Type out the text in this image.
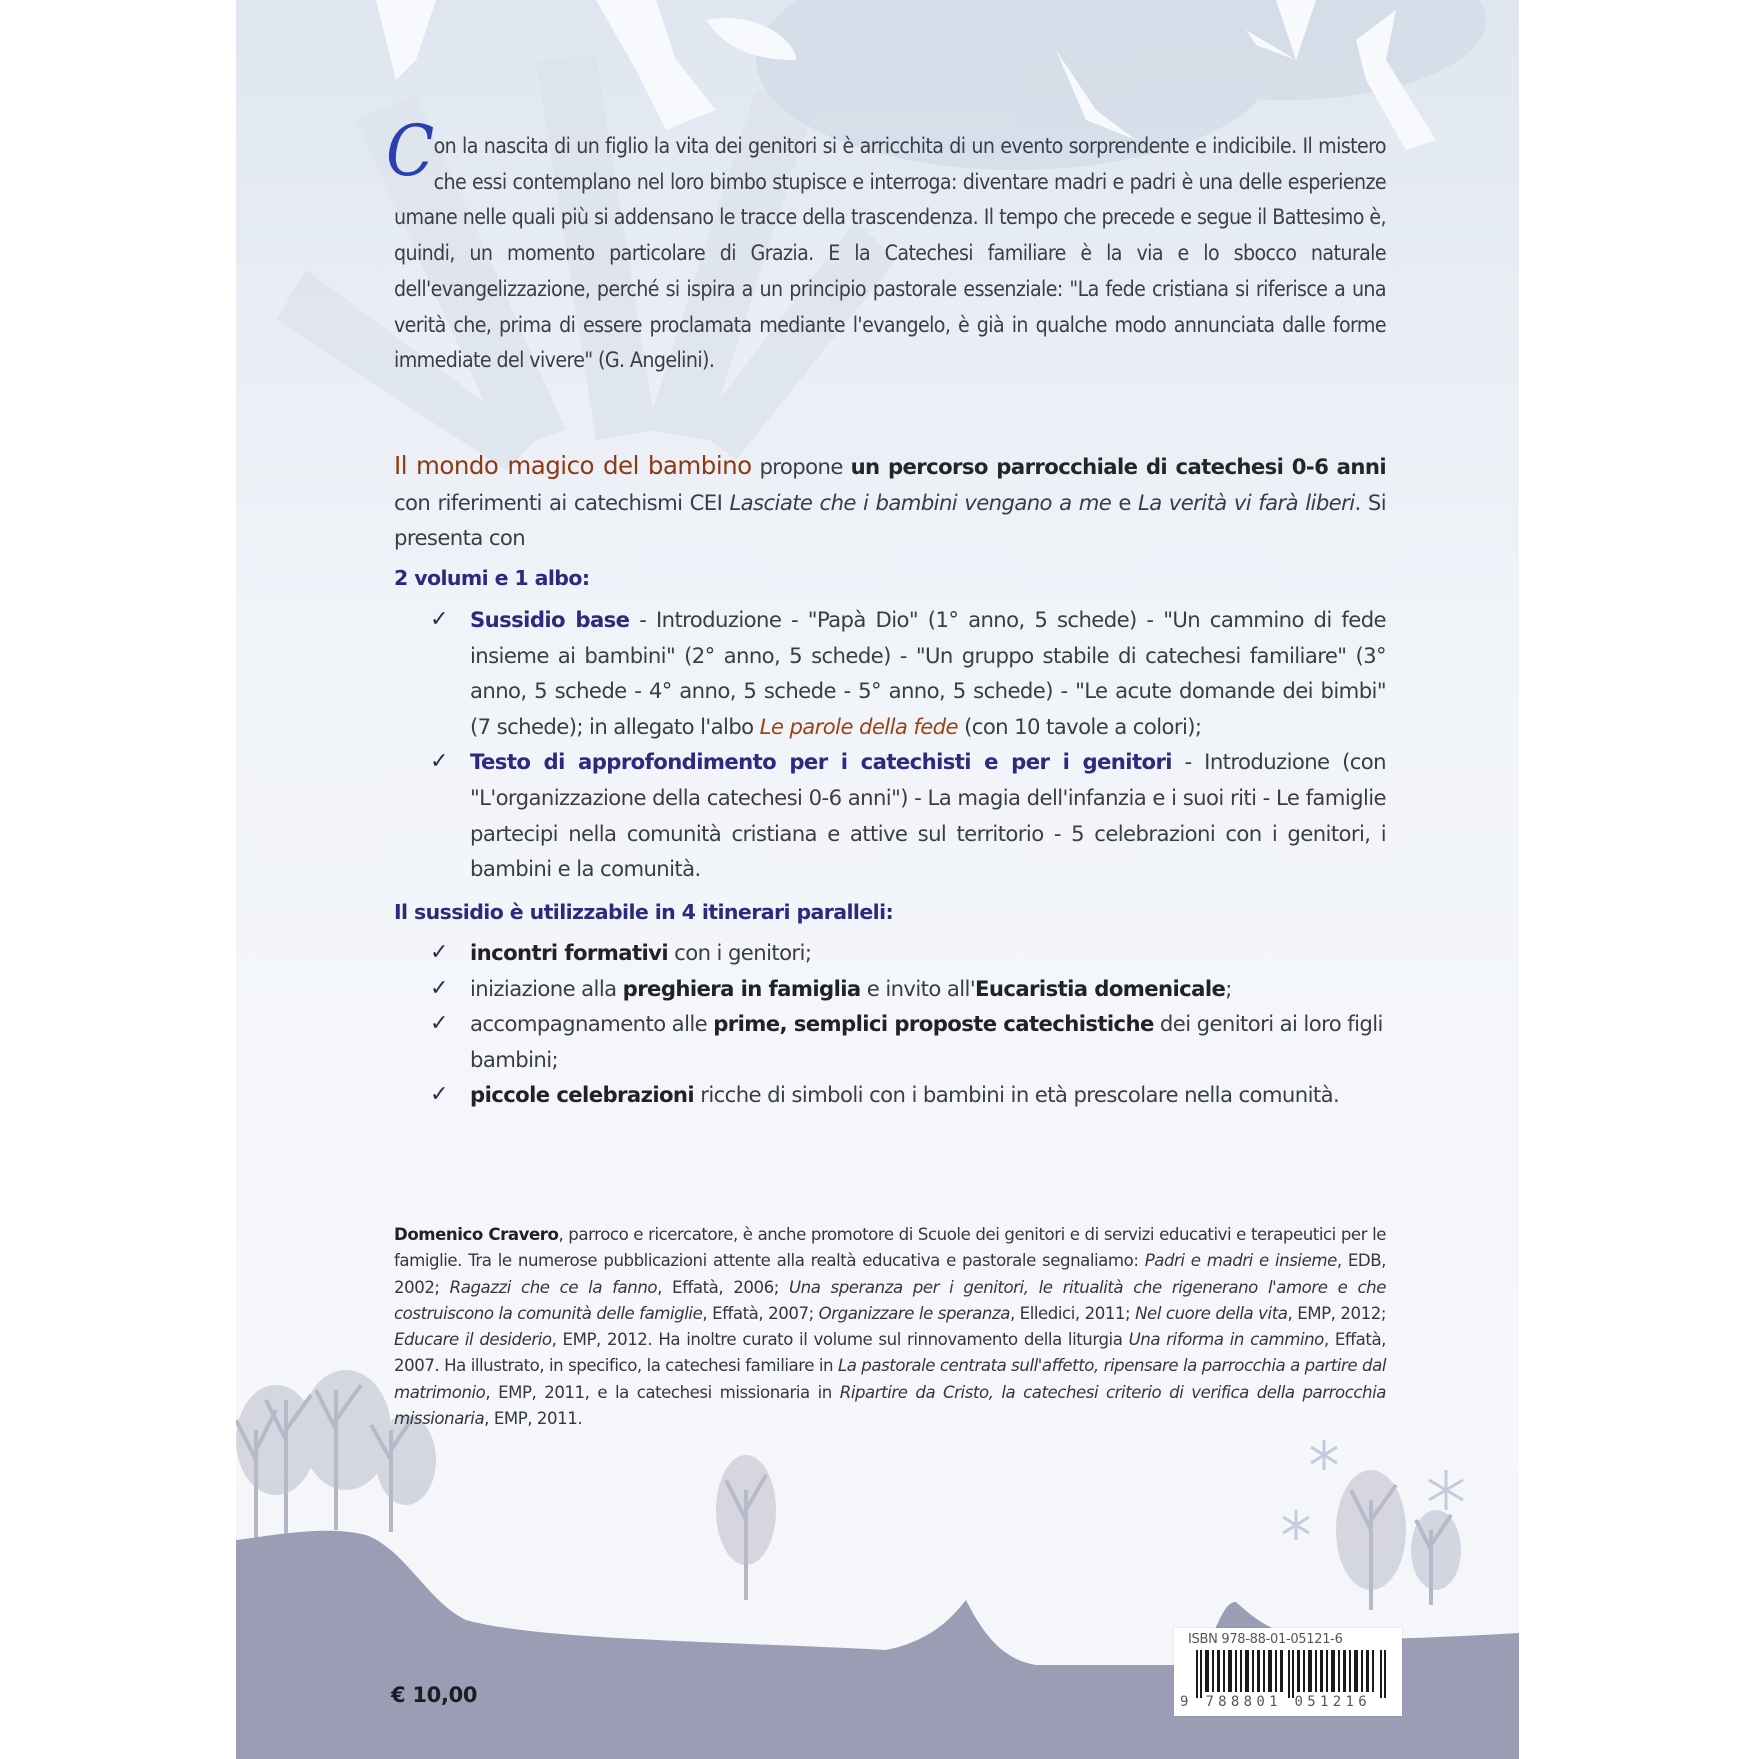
C on la nascita di un figlio la vita dei genitori si è arricchita di un evento sorprendente e indicibile. Il mistero che essi contemplano nel loro bimbo stupisce e interroga: diventare madri e padri è una delle esperienze umane nelle quali più si addensano le tracce della trascendenza. Il tempo che precede e segue il Battesimo è, quindi, un momento particolare di Grazia. E la Catechesi familiare è la via e lo sbocco naturale dell'evangelizzazione, perché si ispira a un principio pastorale essenziale: "La fede cristiana si riferisce a una verità che, prima di essere proclamata mediante l'evangelo, è già in qualche modo annunciata dalle forme immediate del vivere" (G. Angelini).
Il mondo magico del bambino propone un percorso parrocchiale di catechesi 0-6 anni con riferimenti ai catechismi CEI Lasciate che i bambini vengano a me e La verità vi farà liberi. Si presenta con
2 volumi e 1 albo:
✓ Sussidio base - Introduzione - "Papà Dio" (1° anno, 5 schede) - "Un cammino di fede insieme ai bambini" (2° anno, 5 schede) - "Un gruppo stabile di catechesi familiare" (3° anno, 5 schede - 4° anno, 5 schede - 5° anno, 5 schede) - "Le acute domande dei bimbi" (7 schede); in allegato l'albo Le parole della fede (con 10 tavole a colori);
✓ Testo di approfondimento per i catechisti e per i genitori - Introduzione (con "L'organizzazione della catechesi 0-6 anni") - La magia dell'infanzia e i suoi riti - Le famiglie partecipi nella comunità cristiana e attive sul territorio - 5 celebrazioni con i genitori, i bambini e la comunità.
Il sussidio è utilizzabile in 4 itinerari paralleli:
✓ incontri formativi con i genitori;
✓ iniziazione alla preghiera in famiglia e invito all'Eucaristia domenicale;
✓ accompagnamento alle prime, semplici proposte catechistiche dei genitori ai loro figli bambini;
✓ piccole celebrazioni ricche di simboli con i bambini in età prescolare nella comunità.
Domenico Cravero, parroco e ricercatore, è anche promotore di Scuole dei genitori e di servizi educativi e terapeutici per le famiglie. Tra le numerose pubblicazioni attente alla realtà educativa e pastorale segnaliamo: Padri e madri e insieme, EDB, 2002; Ragazzi che ce la fanno, Effatà, 2006; Una speranza per i genitori, le ritualità che rigenerano l'amore e che costruiscono la comunità delle famiglie, Effatà, 2007; Organizzare le speranza, Elledici, 2011; Nel cuore della vita, EMP, 2012; Educare il desiderio, EMP, 2012. Ha inoltre curato il volume sul rinnovamento della liturgia Una riforma in cammino, Effatà, 2007. Ha illustrato, in specifico, la catechesi familiare in La pastorale centrata sull'affetto, ripensare la parrocchia a partire dal matrimonio, EMP, 2011, e la catechesi missionaria in Ripartire da Cristo, la catechesi criterio di verifica della parrocchia missionaria, EMP, 2011.
€ 10,00
ISBN 978-88-01-05121-6
9 788801 051216
